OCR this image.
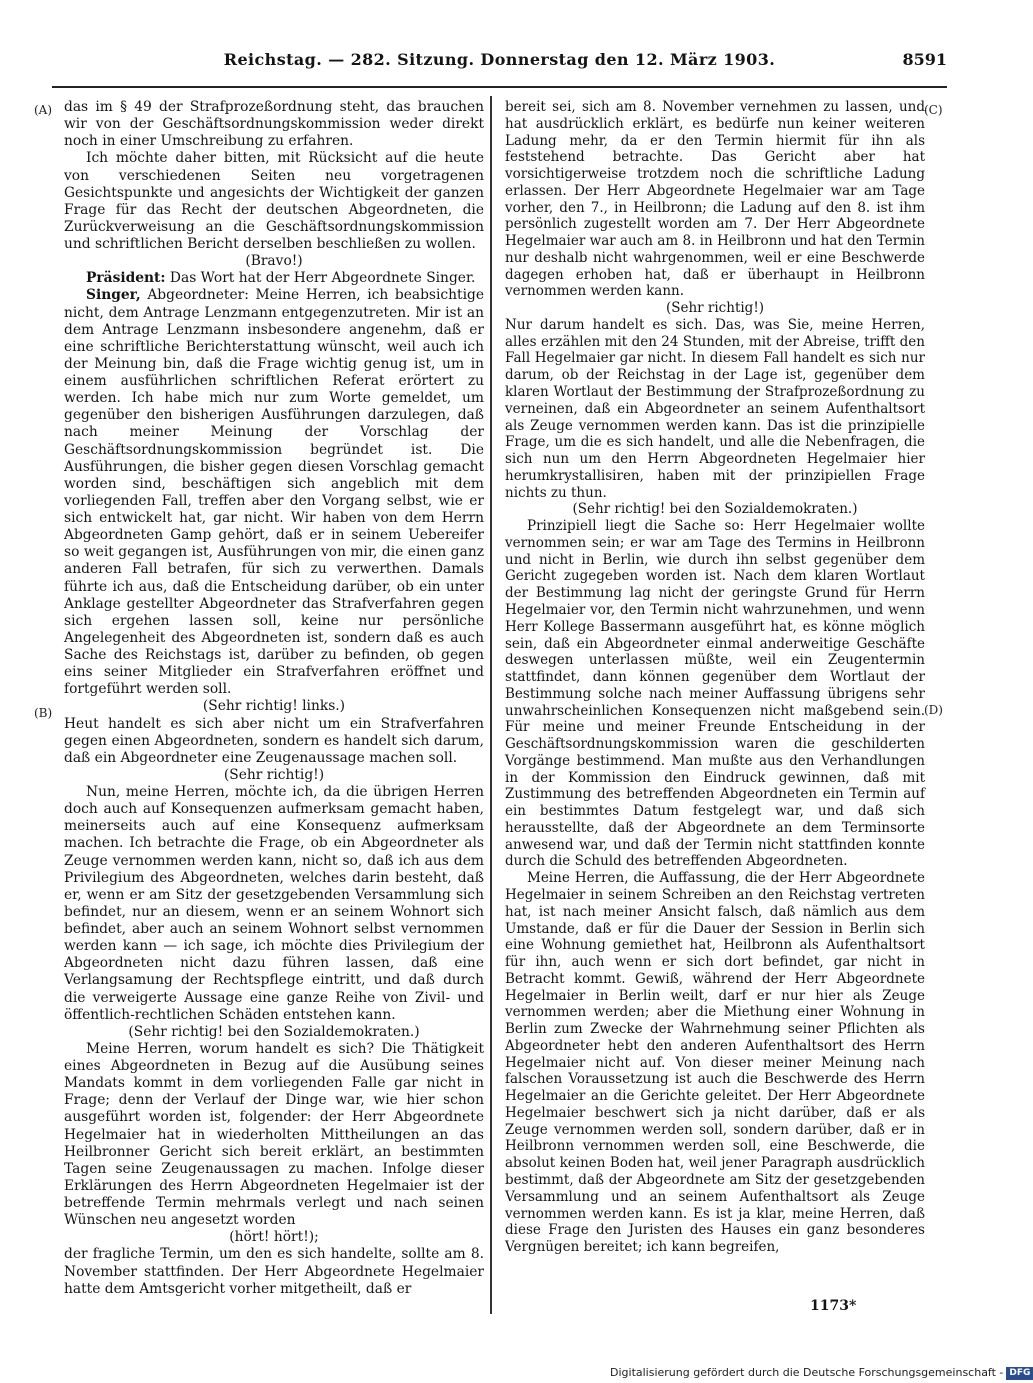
Reichstag. — 282. Sitzung. Donnerstag den 12. März 1903.	8591
(A)
(B)
(C)
(D)

das im § 49 der Strafprozeßordnung steht, das brauchen wir von der Geschäftsordnungskommission weder direkt noch in einer Umschreibung zu erfahren.

Ich möchte daher bitten, mit Rücksicht auf die heute von verschiedenen Seiten neu vorgetragenen Gesichtspunkte und angesichts der Wichtigkeit der ganzen Frage für das Recht der deutschen Abgeordneten, die Zurückverweisung an die Geschäftsordnungskommission und schriftlichen Bericht derselben beschließen zu wollen.

(Bravo!)

Präsident: Das Wort hat der Herr Abgeordnete Singer.

Singer, Abgeordneter: Meine Herren, ich beabsichtige nicht, dem Antrage Lenzmann entgegenzutreten. Mir ist an dem Antrage Lenzmann insbesondere angenehm, daß er eine schriftliche Berichterstattung wünscht, weil auch ich der Meinung bin, daß die Frage wichtig genug ist, um in einem ausführlichen schriftlichen Referat erörtert zu werden. Ich habe mich nur zum Worte gemeldet, um gegenüber den bisherigen Ausführungen darzulegen, daß nach meiner Meinung der Vorschlag der Geschäftsordnungskommission begründet ist. Die Ausführungen, die bisher gegen diesen Vorschlag gemacht worden sind, beschäftigen sich angeblich mit dem vorliegenden Fall, treffen aber den Vorgang selbst, wie er sich entwickelt hat, gar nicht. Wir haben von dem Herrn Abgeordneten Gamp gehört, daß er in seinem Uebereifer so weit gegangen ist, Ausführungen von mir, die einen ganz anderen Fall betrafen, für sich zu verwerthen. Damals führte ich aus, daß die Entscheidung darüber, ob ein unter Anklage gestellter Abgeordneter das Strafverfahren gegen sich ergehen lassen soll, keine nur persönliche Angelegenheit des Abgeordneten ist, sondern daß es auch Sache des Reichstags ist, darüber zu befinden, ob gegen eins seiner Mitglieder ein Strafverfahren eröffnet und fortgeführt werden soll.

(Sehr richtig! links.)

Heut handelt es sich aber nicht um ein Strafverfahren gegen einen Abgeordneten, sondern es handelt sich darum, daß ein Abgeordneter eine Zeugenaussage machen soll.

(Sehr richtig!)

Nun, meine Herren, möchte ich, da die übrigen Herren doch auch auf Konsequenzen aufmerksam gemacht haben, meinerseits auch auf eine Konsequenz aufmerksam machen. Ich betrachte die Frage, ob ein Abgeordneter als Zeuge vernommen werden kann, nicht so, daß ich aus dem Privilegium des Abgeordneten, welches darin besteht, daß er, wenn er am Sitz der gesetzgebenden Versammlung sich befindet, nur an diesem, wenn er an seinem Wohnort sich befindet, aber auch an seinem Wohnort selbst vernommen werden kann — ich sage, ich möchte dies Privilegium der Abgeordneten nicht dazu führen lassen, daß eine Verlangsamung der Rechtspflege eintritt, und daß durch die verweigerte Aussage eine ganze Reihe von Zivil- und öffentlich-rechtlichen Schäden entstehen kann.

(Sehr richtig! bei den Sozialdemokraten.)

Meine Herren, worum handelt es sich? Die Thätigkeit eines Abgeordneten in Bezug auf die Ausübung seines Mandats kommt in dem vorliegenden Falle gar nicht in Frage; denn der Verlauf der Dinge war, wie hier schon ausgeführt worden ist, folgender: der Herr Abgeordnete Hegelmaier hat in wiederholten Mittheilungen an das Heilbronner Gericht sich bereit erklärt, an bestimmten Tagen seine Zeugenaussagen zu machen. Infolge dieser Erklärungen des Herrn Abgeordneten Hegelmaier ist der betreffende Termin mehrmals verlegt und nach seinen Wünschen neu angesetzt worden

(hört! hört!);

der fragliche Termin, um den es sich handelte, sollte am 8. November stattfinden. Der Herr Abgeordnete Hegelmaier hatte dem Amtsgericht vorher mitgetheilt, daß er

bereit sei, sich am 8. November vernehmen zu lassen, und hat ausdrücklich erklärt, es bedürfe nun keiner weiteren Ladung mehr, da er den Termin hiermit für ihn als feststehend betrachte. Das Gericht aber hat vorsichtigerweise trotzdem noch die schriftliche Ladung erlassen. Der Herr Abgeordnete Hegelmaier war am Tage vorher, den 7., in Heilbronn; die Ladung auf den 8. ist ihm persönlich zugestellt worden am 7. Der Herr Abgeordnete Hegelmaier war auch am 8. in Heilbronn und hat den Termin nur deshalb nicht wahrgenommen, weil er eine Beschwerde dagegen erhoben hat, daß er überhaupt in Heilbronn vernommen werden kann.

(Sehr richtig!)

Nur darum handelt es sich. Das, was Sie, meine Herren, alles erzählen mit den 24 Stunden, mit der Abreise, trifft den Fall Hegelmaier gar nicht. In diesem Fall handelt es sich nur darum, ob der Reichstag in der Lage ist, gegenüber dem klaren Wortlaut der Bestimmung der Strafprozeßordnung zu verneinen, daß ein Abgeordneter an seinem Aufenthaltsort als Zeuge vernommen werden kann. Das ist die prinzipielle Frage, um die es sich handelt, und alle die Nebenfragen, die sich nun um den Herrn Abgeordneten Hegelmaier hier herumkrystallisiren, haben mit der prinzipiellen Frage nichts zu thun.

(Sehr richtig! bei den Sozialdemokraten.)

Prinzipiell liegt die Sache so: Herr Hegelmaier wollte vernommen sein; er war am Tage des Termins in Heilbronn und nicht in Berlin, wie durch ihn selbst gegenüber dem Gericht zugegeben worden ist. Nach dem klaren Wortlaut der Bestimmung lag nicht der geringste Grund für Herrn Hegelmaier vor, den Termin nicht wahrzunehmen, und wenn Herr Kollege Bassermann ausgeführt hat, es könne möglich sein, daß ein Abgeordneter einmal anderweitige Geschäfte deswegen unterlassen müßte, weil ein Zeugentermin stattfindet, dann können gegenüber dem Wortlaut der Bestimmung solche nach meiner Auffassung übrigens sehr unwahrscheinlichen Konsequenzen nicht maßgebend sein. Für meine und meiner Freunde Entscheidung in der Geschäftsordnungskommission waren die geschilderten Vorgänge bestimmend. Man mußte aus den Verhandlungen in der Kommission den Eindruck gewinnen, daß mit Zustimmung des betreffenden Abgeordneten ein Termin auf ein bestimmtes Datum festgelegt war, und daß sich herausstellte, daß der Abgeordnete an dem Terminsorte anwesend war, und daß der Termin nicht stattfinden konnte durch die Schuld des betreffenden Abgeordneten.

Meine Herren, die Auffassung, die der Herr Abgeordnete Hegelmaier in seinem Schreiben an den Reichstag vertreten hat, ist nach meiner Ansicht falsch, daß nämlich aus dem Umstande, daß er für die Dauer der Session in Berlin sich eine Wohnung gemiethet hat, Heilbronn als Aufenthaltsort für ihn, auch wenn er sich dort befindet, gar nicht in Betracht kommt. Gewiß, während der Herr Abgeordnete Hegelmaier in Berlin weilt, darf er nur hier als Zeuge vernommen werden; aber die Miethung einer Wohnung in Berlin zum Zwecke der Wahrnehmung seiner Pflichten als Abgeordneter hebt den anderen Aufenthaltsort des Herrn Hegelmaier nicht auf. Von dieser meiner Meinung nach falschen Voraussetzung ist auch die Beschwerde des Herrn Hegelmaier an die Gerichte geleitet. Der Herr Abgeordnete Hegelmaier beschwert sich ja nicht darüber, daß er als Zeuge vernommen werden soll, sondern darüber, daß er in Heilbronn vernommen werden soll, eine Beschwerde, die absolut keinen Boden hat, weil jener Paragraph ausdrücklich bestimmt, daß der Abgeordnete am Sitz der gesetzgebenden Versammlung und an seinem Aufenthaltsort als Zeuge vernommen werden kann. Es ist ja klar, meine Herren, daß diese Frage den Juristen des Hauses ein ganz besonderes Vergnügen bereitet; ich kann begreifen,

1173*
Digitalisierung gefördert durch die Deutsche Forschungsgemeinschaft - DFG
